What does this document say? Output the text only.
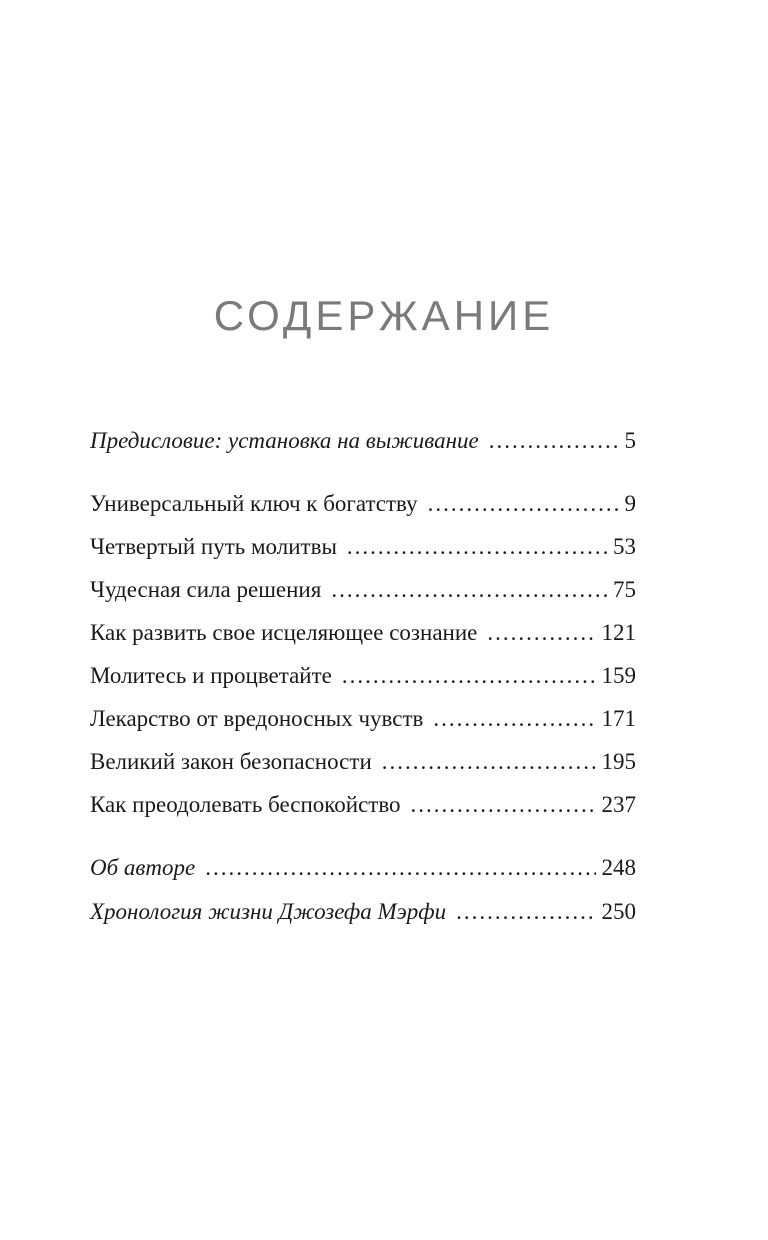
СОДЕРЖАНИЕ
Предисловие: установка на выживание .....	5
Универсальный ключ к богатству .....	9
Четвертый путь молитвы .....	53
Чудесная сила решения .....	75
Как развить свое исцеляющее сознание .....	121
Молитесь и процветайте .....	159
Лекарство от вредоносных чувств .....	171
Великий закон безопасности .....	195
Как преодолевать беспокойство .....	237
Об авторе .....	248
Хронология жизни Джозефа Мэрфи .....	250
